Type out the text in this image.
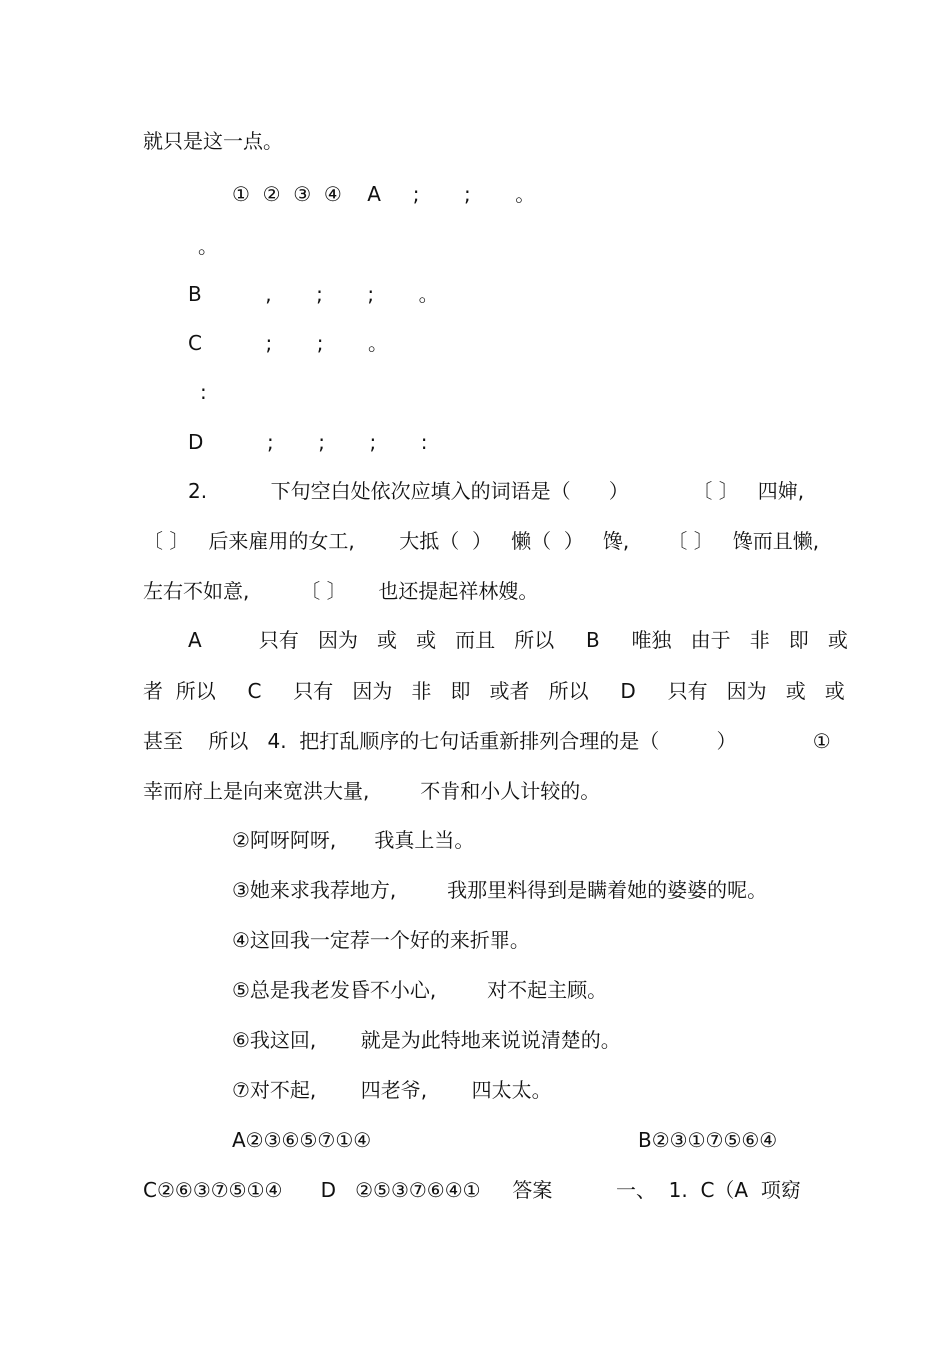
就只是这一点。
①  ②  ③  ④    A     ;       ;       。
。
B          ,       ;       ;       。
C          ;       ;       。
:
D          ;       ;       ;       :
2.          下句空白处依次应填入的词语是（      ）          〔 〕   四婶,
〔 〕   后来雇用的女工,       大抵（  ）   懒（  ）   馋,      〔 〕   馋而且懒,
左右不如意,        〔 〕     也还提起祥林嫂。
A         只有   因为   或   或   而且   所以     B     唯独   由于   非   即   或
者  所以     C     只有   因为   非   即   或者   所以     D     只有   因为   或   或
甚至    所以   4.  把打乱顺序的七句话重新排列合理的是（         ）            ①
幸而府上是向来宽洪大量,        不肯和小人计较的。
②阿呀阿呀,      我真上当。
③她来求我荐地方,        我那里料得到是瞒着她的婆婆的呢。
④这回我一定荐一个好的来折罪。
⑤总是我老发昏不小心,        对不起主顾。
⑥我这回,       就是为此特地来说说清楚的。
⑦对不起,       四老爷,       四太太。
A②③⑥⑤⑦①④	B②③①⑦⑤⑥④
C②⑥③⑦⑤①④      D   ②⑤③⑦⑥④①     答案          一、  1.  C（A  项窈
